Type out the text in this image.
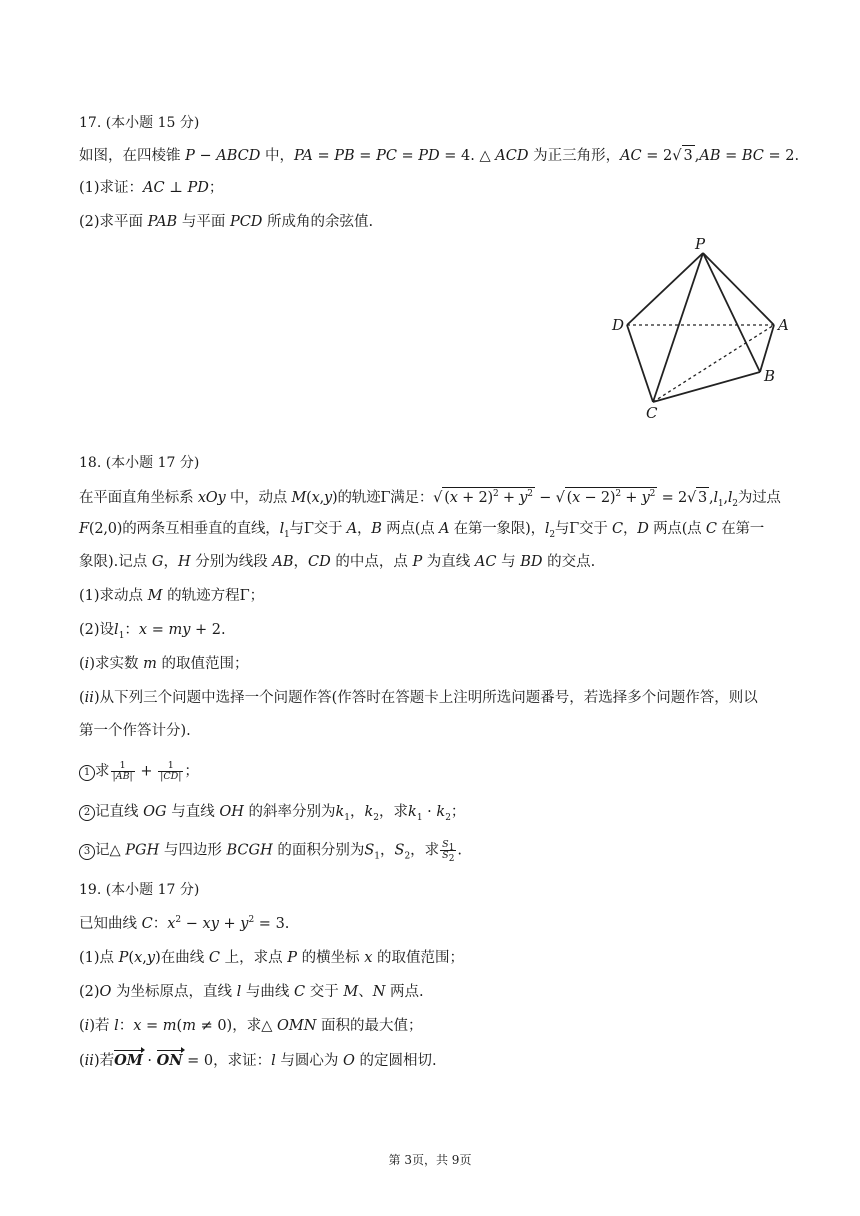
17. (本小题 15 分)
如图，在四棱锥 P − ABCD 中，PA = PB = PC = PD = 4. △ ACD 为正三角形，AC = 2√ 3 ,AB = BC = 2.
(1)求证：AC ⊥ PD；
(2)求平面 PAB 与平面 PCD 所成角的余弦值.
P
D	A
B
C
18. (本小题 17 分)
在平面直角坐标系 xOy 中，动点 M(x,y)的轨迹Γ满足：√ $(x + 2)^2 + y^2$ − √ $(x - 2)^2 + y^2 = 2√$ 3 $,l_1,l_2$为过点
F(2,0)的两条互相垂直的直线，$l_1$与Γ交于 A，B 两点(点 A 在第一象限)，$l_2$与Γ交于 C，D 两点(点 C 在第一
象限).记点 G，H 分别为线段 AB，CD 的中点，点 P 为直线 AC 与 BD 的交点.
(1)求动点 M 的轨迹方程Γ；
(2)设$l_1$：x = my + 2.
(i)求实数 m 的取值范围；
(ii)从下列三个问题中选择一个问题作答(作答时在答题卡上注明所选问题番号，若选择多个问题作答，则以
第一个作答计分).
1 求 $\frac{1}{|AB|} + \frac{1}{|CD|}$ ；
2 记直线 OG 与直线 OH 的斜率分别为$k_1$，$k_2$，求$k_1 \cdot k_2$；
3 记△ PGH 与四边形 BCGH 的面积分别为$S_1$，$S_2$，求 $\frac{S_1}{S_2}$ .
19. (本小题 17 分)
已知曲线 C：$x^2$ − xy + $y^2 = 3$.
(1)点 P(x,y)在曲线 C 上，求点 P 的横坐标 x 的取值范围；
(2)O 为坐标原点，直线 l 与曲线 C 交于 M、N 两点.
(i)若 l：x = m(m ≠ 0)，求△ OMN 面积的最大值；
(ii)若OM · ON = 0，求证：l 与圆心为 O 的定圆相切.
第 3页，共 9页
